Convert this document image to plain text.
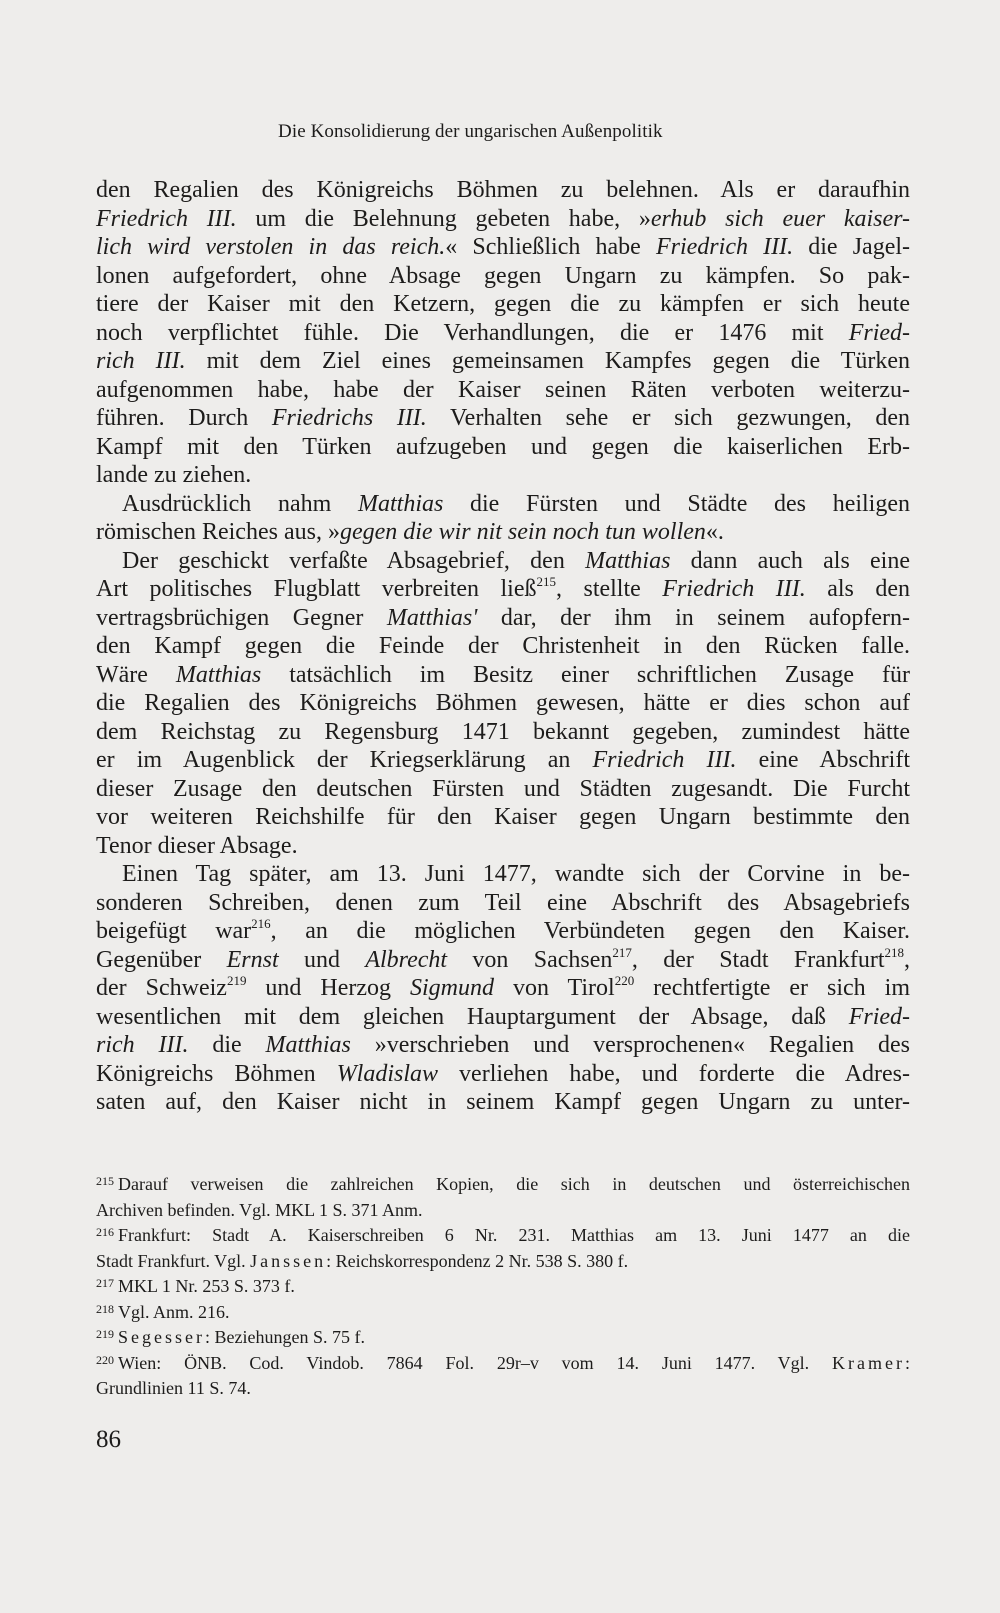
Die Konsolidierung der ungarischen Außenpolitik
den Regalien des Königreichs Böhmen zu belehnen. Als er daraufhin
Friedrich III. um die Belehnung gebeten habe, »erhub sich euer kaiser-
lich wird verstolen in das reich.« Schließlich habe Friedrich III. die Jagel-
lonen aufgefordert, ohne Absage gegen Ungarn zu kämpfen. So pak-
tiere der Kaiser mit den Ketzern, gegen die zu kämpfen er sich heute
noch verpflichtet fühle. Die Verhandlungen, die er 1476 mit Fried-
rich III. mit dem Ziel eines gemeinsamen Kampfes gegen die Türken
aufgenommen habe, habe der Kaiser seinen Räten verboten weiterzu-
führen. Durch Friedrichs III. Verhalten sehe er sich gezwungen, den
Kampf mit den Türken aufzugeben und gegen die kaiserlichen Erb-
lande zu ziehen.
Ausdrücklich nahm Matthias die Fürsten und Städte des heiligen
römischen Reiches aus, »gegen die wir nit sein noch tun wollen«.
Der geschickt verfaßte Absagebrief, den Matthias dann auch als eine
Art politisches Flugblatt verbreiten ließ$^{215}$, stellte Friedrich III. als den
vertragsbrüchigen Gegner Matthias' dar, der ihm in seinem aufopfern-
den Kampf gegen die Feinde der Christenheit in den Rücken falle.
Wäre Matthias tatsächlich im Besitz einer schriftlichen Zusage für
die Regalien des Königreichs Böhmen gewesen, hätte er dies schon auf
dem Reichstag zu Regensburg 1471 bekannt gegeben, zumindest hätte
er im Augenblick der Kriegserklärung an Friedrich III. eine Abschrift
dieser Zusage den deutschen Fürsten und Städten zugesandt. Die Furcht
vor weiteren Reichshilfe für den Kaiser gegen Ungarn bestimmte den
Tenor dieser Absage.
Einen Tag später, am 13. Juni 1477, wandte sich der Corvine in be-
sonderen Schreiben, denen zum Teil eine Abschrift des Absagebriefs
beigefügt war$^{216}$, an die möglichen Verbündeten gegen den Kaiser.
Gegenüber Ernst und Albrecht von Sachsen$^{217}$, der Stadt Frankfurt$^{218}$,
der Schweiz$^{219}$ und Herzog Sigmund von Tirol$^{220}$ rechtfertigte er sich im
wesentlichen mit dem gleichen Hauptargument der Absage, daß Fried-
rich III. die Matthias »verschrieben und versprochenen« Regalien des
Königreichs Böhmen Wladislaw verliehen habe, und forderte die Adres-
saten auf, den Kaiser nicht in seinem Kampf gegen Ungarn zu unter-
$^{215}$ Darauf verweisen die zahlreichen Kopien, die sich in deutschen und österreichischen
Archiven befinden. Vgl. MKL 1 S. 371 Anm.
$^{216}$ Frankfurt: Stadt A. Kaiserschreiben 6 Nr. 231. Matthias am 13. Juni 1477 an die
Stadt Frankfurt. Vgl. Janssen: Reichskorrespondenz 2 Nr. 538 S. 380 f.
$^{217}$ MKL 1 Nr. 253 S. 373 f.
$^{218}$ Vgl. Anm. 216.
$^{219}$ Segesser: Beziehungen S. 75 f.
$^{220}$ Wien: ÖNB. Cod. Vindob. 7864 Fol. 29r–v vom 14. Juni 1477. Vgl. Kramer:
Grundlinien 11 S. 74.
86
